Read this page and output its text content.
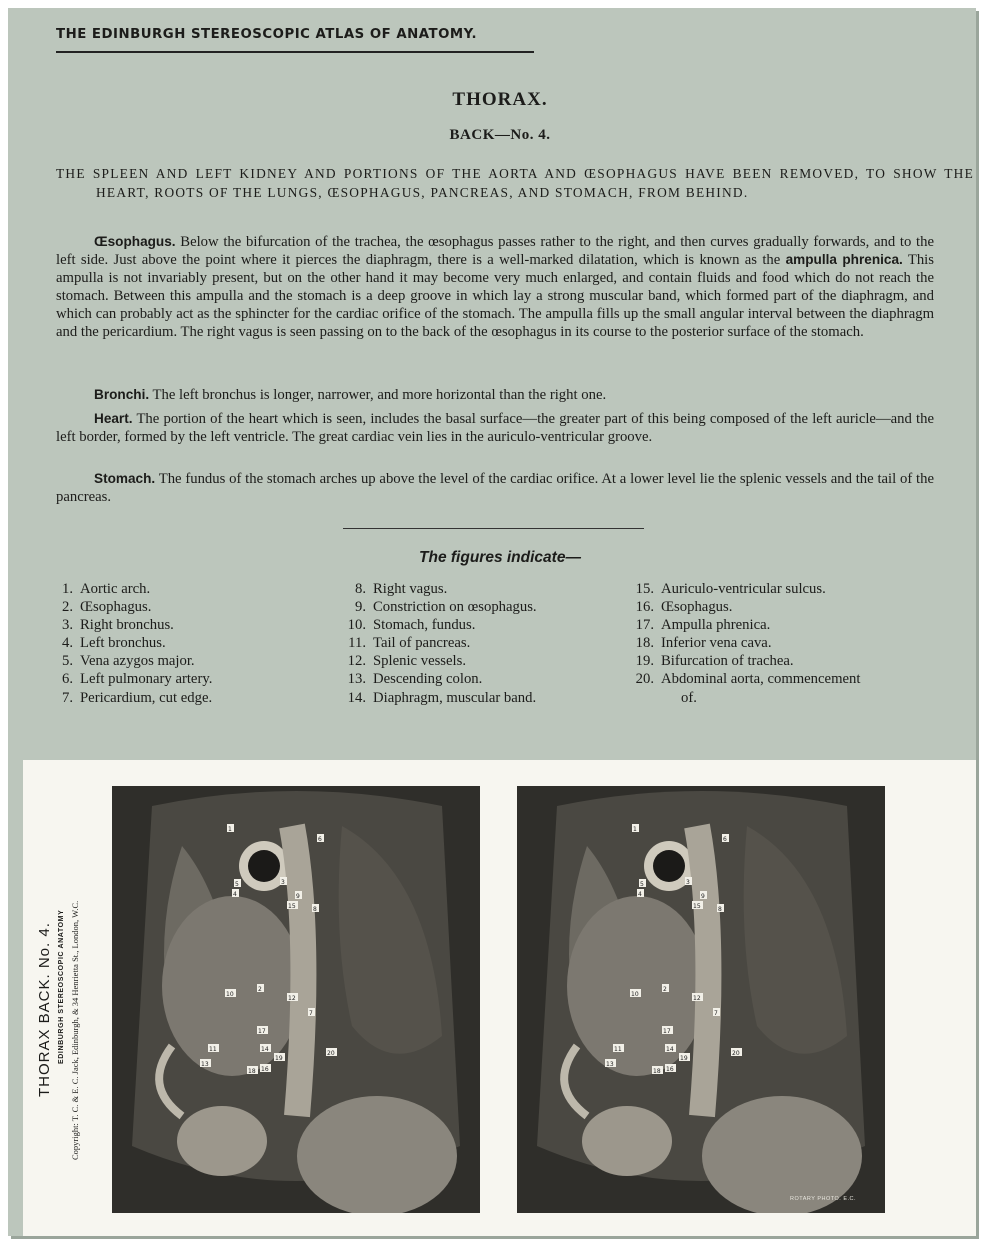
THE EDINBURGH STEREOSCOPIC ATLAS OF ANATOMY.
THORAX.
BACK—No. 4.
THE SPLEEN AND LEFT KIDNEY AND PORTIONS OF THE AORTA AND ŒSOPHAGUS HAVE BEEN REMOVED, TO SHOW THE HEART, ROOTS OF THE LUNGS, ŒSOPHAGUS, PANCREAS, AND STOMACH, FROM BEHIND.
Œsophagus. Below the bifurcation of the trachea, the œsophagus passes rather to the right, and then curves gradually forwards, and to the left side. Just above the point where it pierces the diaphragm, there is a well-marked dilatation, which is known as the ampulla phrenica. This ampulla is not invariably present, but on the other hand it may become very much enlarged, and contain fluids and food which do not reach the stomach. Between this ampulla and the stomach is a deep groove in which lay a strong muscular band, which formed part of the diaphragm, and which can probably act as the sphincter for the cardiac orifice of the stomach. The ampulla fills up the small angular interval between the diaphragm and the pericardium. The right vagus is seen passing on to the back of the œsophagus in its course to the posterior surface of the stomach.
Bronchi. The left bronchus is longer, narrower, and more horizontal than the right one.
Heart. The portion of the heart which is seen, includes the basal surface—the greater part of this being composed of the left auricle—and the left border, formed by the left ventricle. The great cardiac vein lies in the auriculo-ventricular groove.
Stomach. The fundus of the stomach arches up above the level of the cardiac orifice. At a lower level lie the splenic vessels and the tail of the pancreas.
The figures indicate—
1. Aortic arch.
2. Œsophagus.
3. Right bronchus.
4. Left bronchus.
5. Vena azygos major.
6. Left pulmonary artery.
7. Pericardium, cut edge.
8. Right vagus.
9. Constriction on œsophagus.
10. Stomach, fundus.
11. Tail of pancreas.
12. Splenic vessels.
13. Descending colon.
14. Diaphragm, muscular band.
15. Auriculo-ventricular sulcus.
16. Œsophagus.
17. Ampulla phrenica.
18. Inferior vena cava.
19. Bifurcation of trachea.
20. Abdominal aorta, commencement
of.
THORAX BACK. No. 4. EDINBURGH STEREOSCOPIC ANATOMY Copyright: T. C. & E. C. Jack, Edinburgh, & 34 Henrietta St., London, W.C.
1
5
4
8
3
9
2
6
15
10
11
13
17
14
12
7
16
18
19
20
1
5
4
8
3
9
2
6
15
10
11
13
17
14
12
7
16
18
19
20
ROTARY PHOTO. E.C.
